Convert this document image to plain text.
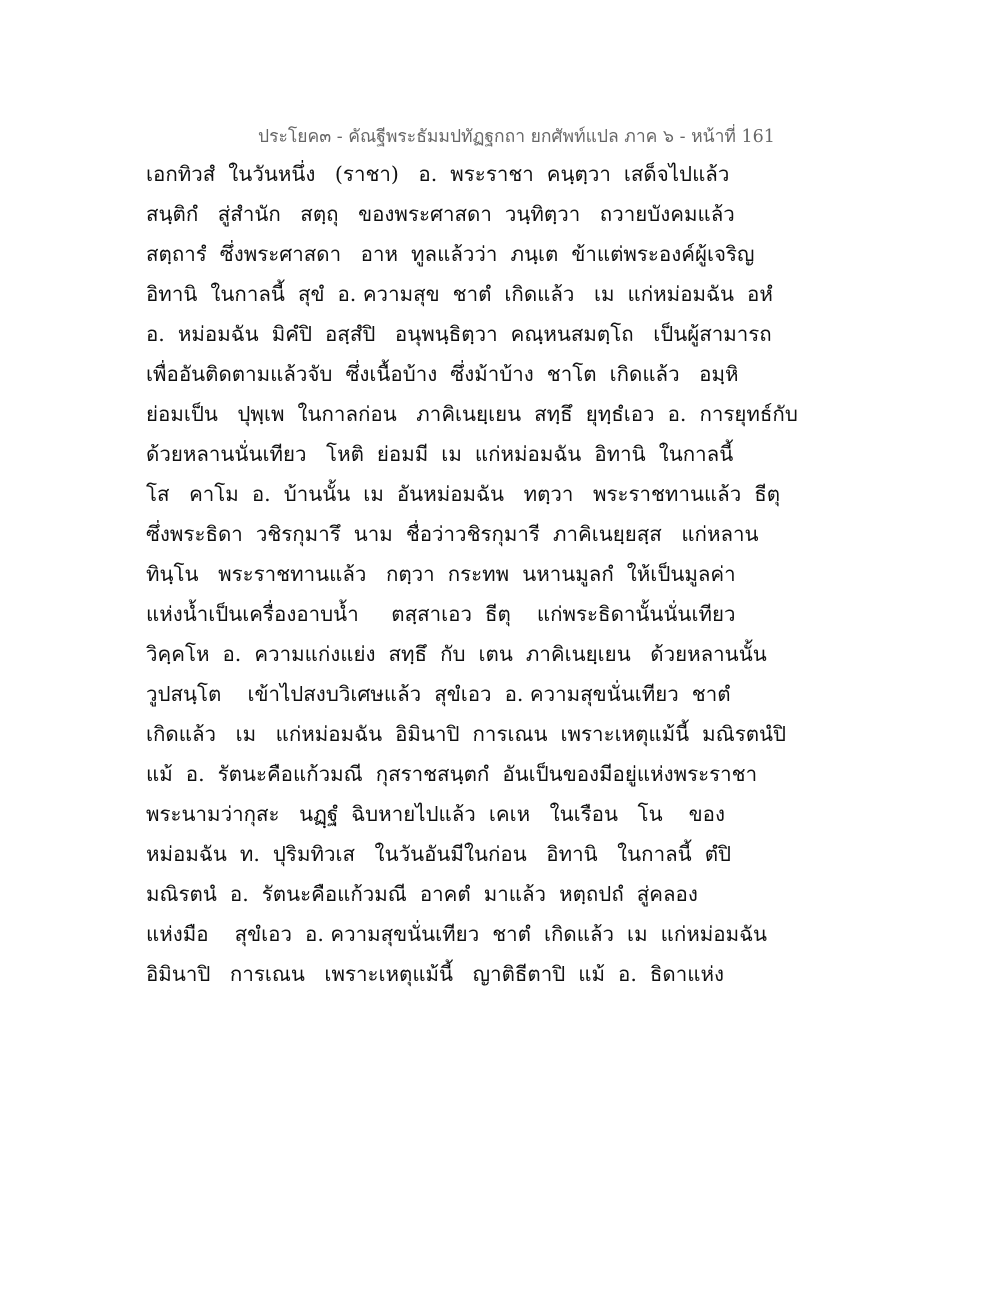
ประโยค๓ - คัณฐีพระธัมมปทัฏฐกถา ยกศัพท์แปล ภาค ๖ - หน้าที่ 161
เอกทิวสํ  ในวันหนึ่ง   (ราชา)   อ.  พระราชา  คนฺตฺวา  เสด็จไปแล้ว
สนฺติกํ   สู่สำนัก   สตฺถุ   ของพระศาสดา  วนฺทิตฺวา   ถวายบังคมแล้ว
สตฺถารํ  ซึ่งพระศาสดา   อาห  ทูลแล้วว่า  ภนฺเต  ข้าแต่พระองค์ผู้เจริญ
อิทานิ  ในกาลนี้  สุขํ  อ. ความสุข  ชาตํ  เกิดแล้ว   เม  แก่หม่อมฉัน  อหํ
อ.  หม่อมฉัน  มิคํปิ  อสฺสํปิ   อนุพนฺธิตฺวา  คณฺหนสมตฺโถ   เป็นผู้สามารถ
เพื่ออันติดตามแล้วจับ  ซึ่งเนื้อบ้าง  ซึ่งม้าบ้าง  ชาโต  เกิดแล้ว   อมฺหิ
ย่อมเป็น   ปุพฺเพ  ในกาลก่อน   ภาคิเนยฺเยน  สทฺธึ  ยุทฺธํเอว  อ.  การยุทธ์กับ
ด้วยหลานนั่นเทียว   โหติ  ย่อมมี  เม  แก่หม่อมฉัน  อิทานิ  ในกาลนี้
โส   คาโม  อ.  บ้านนั้น  เม  อันหม่อมฉัน   ทตฺวา   พระราชทานแล้ว  ธีตุ
ซึ่งพระธิดา  วชิรกุมารึ  นาม  ชื่อว่าวชิรกุมารี  ภาคิเนยฺยสฺส   แก่หลาน
ทินฺโน   พระราชทานแล้ว   กตฺวา  กระทพ  นหานมูลกํ  ให้เป็นมูลค่า
แห่งน้ำเป็นเครื่องอาบน้ำ     ตสฺสาเอว  ธีตุ    แก่พระธิดานั้นนั่นเทียว
วิคฺคโห  อ.  ความแก่งแย่ง  สทฺธึ  กับ  เตน  ภาคิเนยฺเยน   ด้วยหลานนั้น
วูปสนฺโต    เข้าไปสงบวิเศษแล้ว  สุขํเอว  อ. ความสุขนั่นเทียว  ชาตํ
เกิดแล้ว   เม   แก่หม่อมฉัน  อิมินาปิ  การเณน  เพราะเหตุแม้นี้  มณิรตนํปิ
แม้  อ.  รัตนะคือแก้วมณี  กุสราชสนฺตกํ  อันเป็นของมีอยู่แห่งพระราชา
พระนามว่ากุสะ   นฏฺฐํ  ฉิบหายไปแล้ว  เคเห   ในเรือน   โน    ของ
หม่อมฉัน  ท.  ปุริมทิวเส   ในวันอันมีในก่อน   อิทานิ   ในกาลนี้  ตํปิ
มณิรตนํ  อ.  รัตนะคือแก้วมณี  อาคตํ  มาแล้ว  หตฺถปถํ  สู่คลอง
แห่งมือ    สุขํเอว  อ. ความสุขนั่นเทียว  ชาตํ  เกิดแล้ว  เม  แก่หม่อมฉัน
อิมินาปิ   การเณน   เพราะเหตุแม้นี้   ญาติธีตาปิ  แม้  อ.  ธิดาแห่ง
